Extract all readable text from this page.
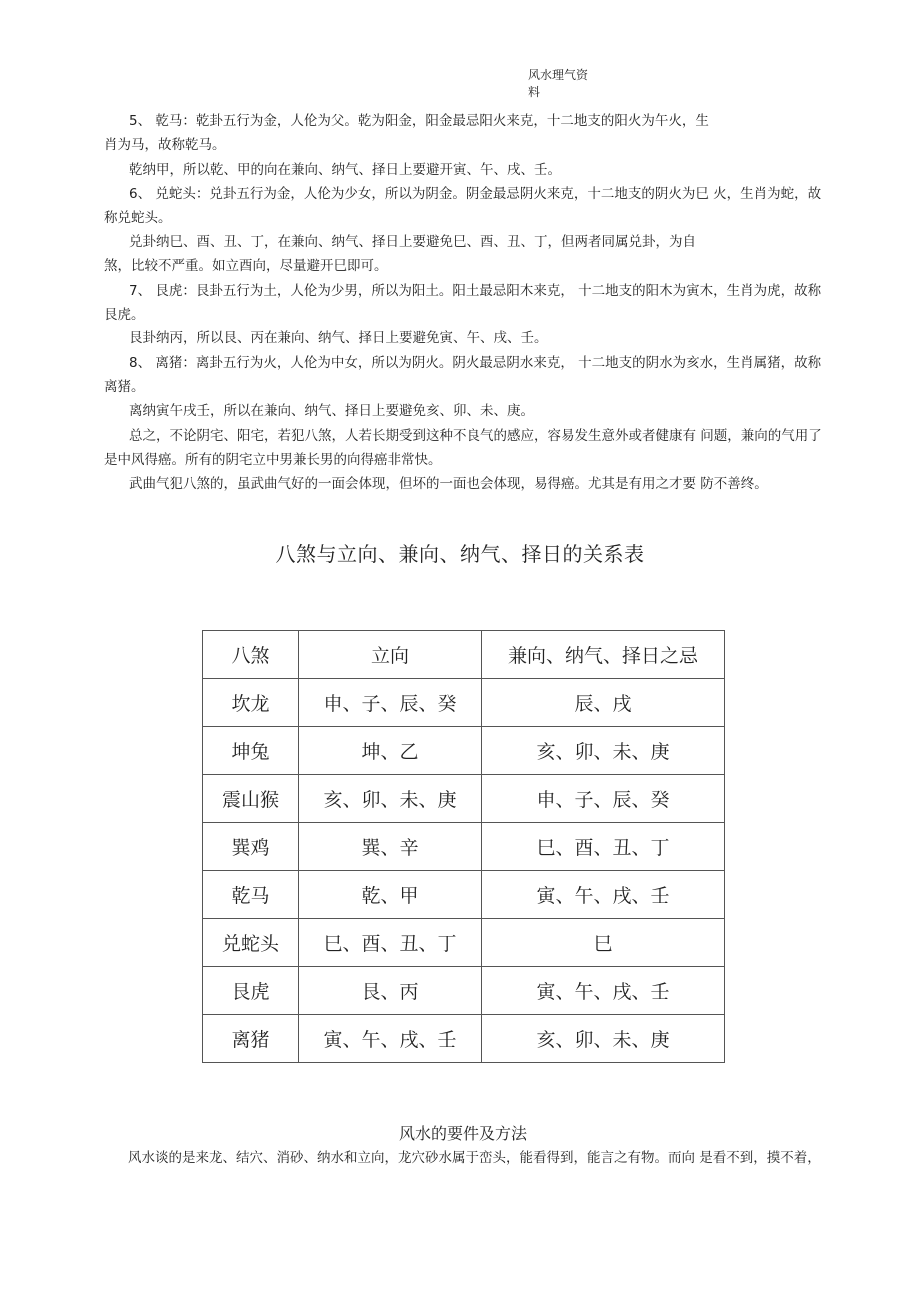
风水理气资
料
5、 乾马：乾卦五行为金，人伦为父。乾为阳金，阳金最忌阳火来克，十二地支的阳火为午火，生
肖为马，故称乾马。
乾纳甲，所以乾、甲的向在兼向、纳气、择日上要避开寅、午、戌、壬。
6、 兑蛇头：兑卦五行为金，人伦为少女，所以为阴金。阴金最忌阴火来克，十二地支的阴火为巳 火，生肖为蛇，故
称兑蛇头。
兑卦纳巳、酉、丑、丁，在兼向、纳气、择日上要避免巳、酉、丑、丁，但两者同属兑卦，为自
煞，比较不严重。如立酉向，尽量避开巳即可。
7、 艮虎：艮卦五行为土，人伦为少男，所以为阳土。阳土最忌阳木来克， 十二地支的阳木为寅木，生肖为虎，故称
艮虎。
艮卦纳丙，所以艮、丙在兼向、纳气、择日上要避免寅、午、戌、壬。
8、 离猪：离卦五行为火，人伦为中女，所以为阴火。阴火最忌阴水来克， 十二地支的阴水为亥水，生肖属猪，故称
离猪。
离纳寅午戌壬，所以在兼向、纳气、择日上要避免亥、卯、未、庚。
总之，不论阴宅、阳宅，若犯八煞，人若长期受到这种不良气的感应，容易发生意外或者健康有 问题，兼向的气用了
是中风得癌。所有的阴宅立中男兼长男的向得癌非常快。
武曲气犯八煞的，虽武曲气好的一面会体现，但坏的一面也会体现，易得癌。尤其是有用之才要 防不善终。
八煞与立向、兼向、纳气、择日的关系表
八煞	立向	兼向、纳气、择日之忌
坎龙	申、子、辰、癸	辰、戌
坤兔	坤、乙	亥、卯、未、庚
震山猴	亥、卯、未、庚	申、子、辰、癸
巽鸡	巽、辛	巳、酉、丑、丁
乾马	乾、甲	寅、午、戌、壬
兑蛇头	巳、酉、丑、丁	巳
艮虎	艮、丙	寅、午、戌、壬
离猪	寅、午、戌、壬	亥、卯、未、庚
风水的要件及方法
风水谈的是来龙、结穴、消砂、纳水和立向，龙穴砂水属于峦头，能看得到，能言之有物。而向 是看不到，摸不着，
